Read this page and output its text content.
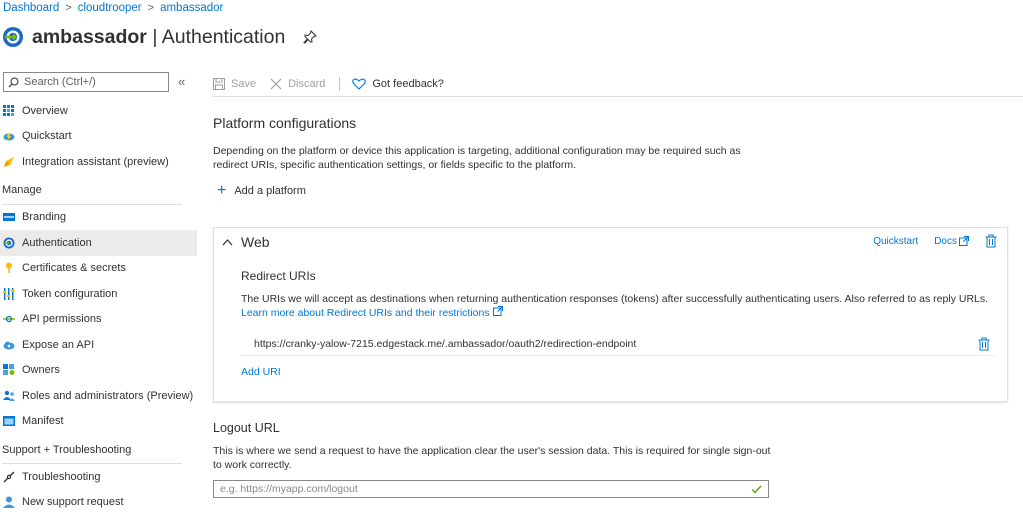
Dashboard > cloudtrooper > ambassador
ambassador | Authentication
Search (Ctrl+/)	«
Overview
Quickstart
Integration assistant (preview)
Manage
Branding
Authentication
Certificates & secrets
Token configuration
API permissions
Expose an API
Owners
Roles and administrators (Preview)
Manifest
Support + Troubleshooting
Troubleshooting
New support request
Save	Discard	Got feedback?
Platform configurations
Depending on the platform or device this application is targeting, additional configuration may be required such as redirect URIs, specific authentication settings, or fields specific to the platform.
+ Add a platform
Web	Quickstart Docs
Redirect URIs
The URIs we will accept as destinations when returning authentication responses (tokens) after successfully authenticating users. Also referred to as reply URLs. Learn more about Redirect URIs and their restrictions
https://cranky-yalow-7215.edgestack.me/.ambassador/oauth2/redirection-endpoint
Add URI
Logout URL
This is where we send a request to have the application clear the user's session data. This is required for single sign-out to work correctly.
e.g. https://myapp.com/logout
